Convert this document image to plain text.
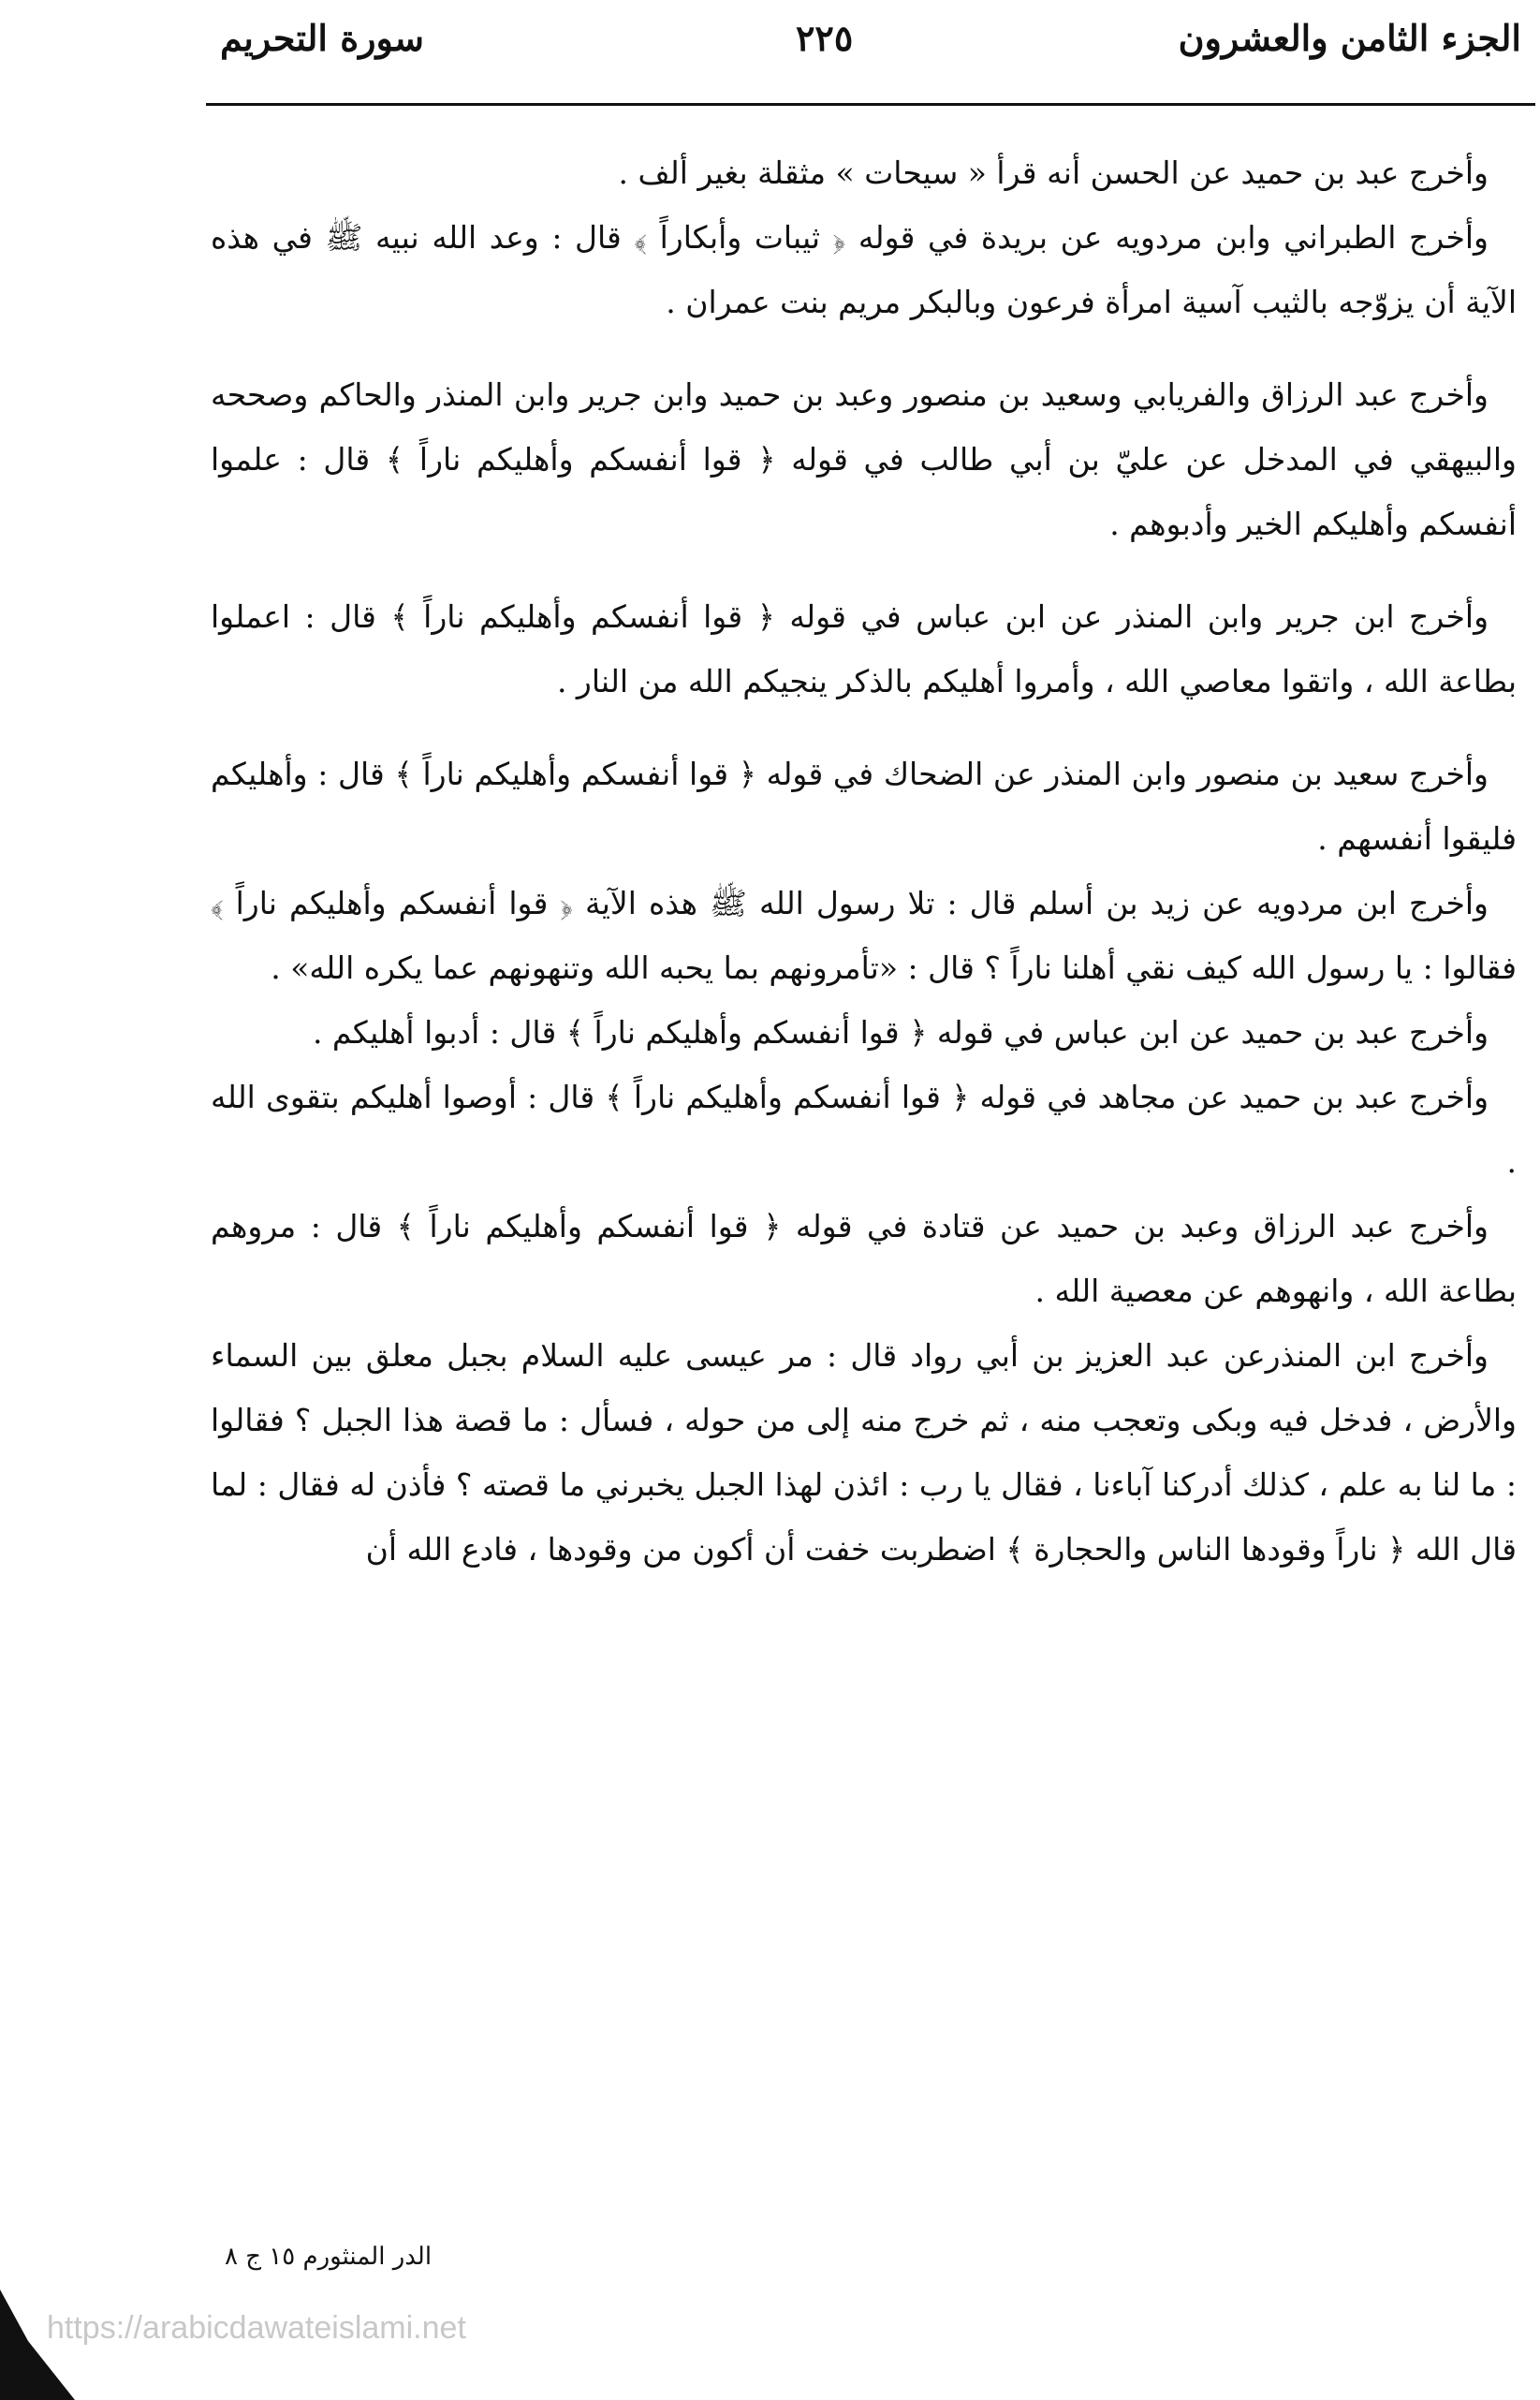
الجزء الثامن والعشرون
٢٢٥
سورة التحريم

وأخرج عبد بن حميد عن الحسن أنه قرأ « سيحات » مثقلة بغير ألف .

وأخرج الطبراني وابن مردويه عن بريدة في قوله ﴿ ثيبات وأبكاراً ﴾ قال : وعد الله نبيه ﷺ في هذه الآية أن يزوّجه بالثيب آسية امرأة فرعون وبالبكر مريم بنت عمران .

وأخرج عبد الرزاق والفريابي وسعيد بن منصور وعبد بن حميد وابن جرير وابن المنذر والحاكم وصححه والبيهقي في المدخل عن عليّ بن أبي طالب في قوله ﴿ قوا أنفسكم وأهليكم ناراً ﴾ قال : علموا أنفسكم وأهليكم الخير وأدبوهم .

وأخرج ابن جرير وابن المنذر عن ابن عباس في قوله ﴿ قوا أنفسكم وأهليكم ناراً ﴾ قال : اعملوا بطاعة الله ، واتقوا معاصي الله ، وأمروا أهليكم بالذكر ينجيكم الله من النار .

وأخرج سعيد بن منصور وابن المنذر عن الضحاك في قوله ﴿ قوا أنفسكم وأهليكم ناراً ﴾ قال : وأهليكم فليقوا أنفسهم .

وأخرج ابن مردويه عن زيد بن أسلم قال : تلا رسول الله ﷺ هذه الآية ﴿ قوا أنفسكم وأهليكم ناراً ﴾ فقالوا : يا رسول الله كيف نقي أهلنا ناراً ؟ قال : «تأمرونهم بما يحبه الله وتنهونهم عما يكره الله» .

وأخرج عبد بن حميد عن ابن عباس في قوله ﴿ قوا أنفسكم وأهليكم ناراً ﴾ قال : أدبوا أهليكم .

وأخرج عبد بن حميد عن مجاهد في قوله ﴿ قوا أنفسكم وأهليكم ناراً ﴾ قال : أوصوا أهليكم بتقوى الله .

وأخرج عبد الرزاق وعبد بن حميد عن قتادة في قوله ﴿ قوا أنفسكم وأهليكم ناراً ﴾ قال : مروهم بطاعة الله ، وانهوهم عن معصية الله .

وأخرج ابن المنذرعن عبد العزيز بن أبي رواد قال : مر عيسى عليه السلام بجبل معلق بين السماء والأرض ، فدخل فيه وبكى وتعجب منه ، ثم خرج منه إلى من حوله ، فسأل : ما قصة هذا الجبل ؟ فقالوا : ما لنا به علم ، كذلك أدركنا آباءنا ، فقال يا رب : ائذن لهذا الجبل يخبرني ما قصته ؟ فأذن له فقال : لما قال الله ﴿ ناراً وقودها الناس والحجارة ﴾ اضطربت خفت أن أكون من وقودها ، فادع الله أن

الدر المنثورم ١٥ ج ٨
https://arabicdawateislami.net
